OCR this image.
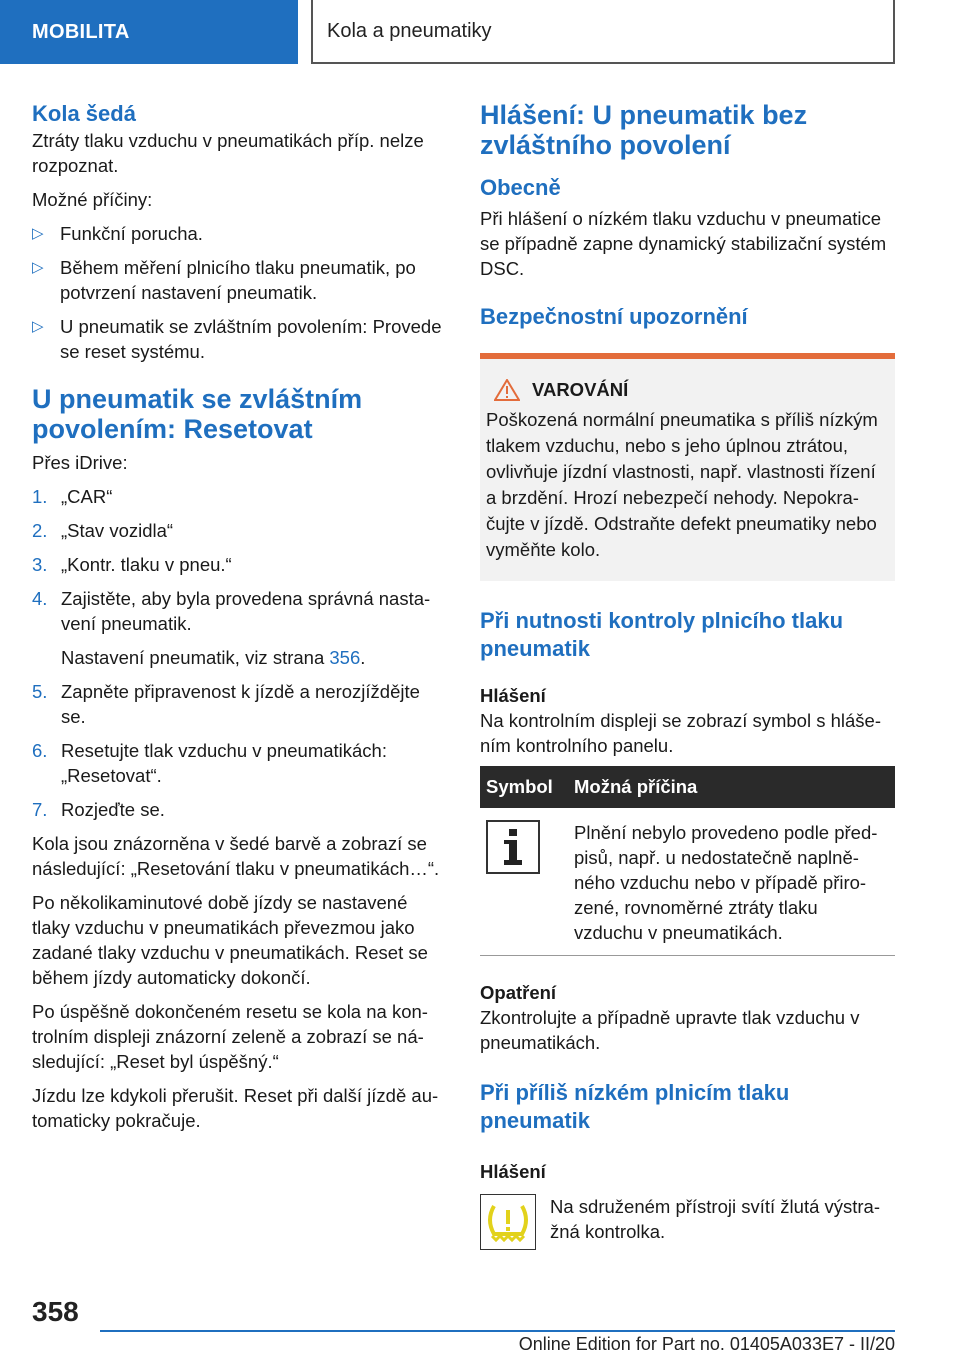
MOBILITA	Kola a pneumatiky
Kola šedá

Ztráty tlaku vzduchu v pneumatikách příp. nelze rozpoznat.

Možné příčiny:

▷ Funkční porucha.
▷ Během měření plnicího tlaku pneumatik, po potvrzení nastavení pneumatik.
▷ U pneumatik se zvláštním povolením: Provede se reset systému.
U pneumatik se zvláštním povolením: Resetovat

Přes iDrive:

1. „CAR“
2. „Stav vozidla“
3. „Kontr. tlaku v pneu.“
4. Zajistěte, aby byla provedena správná nastavení pneumatik.
Nastavení pneumatik, viz strana 356.
5. Zapněte připravenost k jízdě a nerozjíždějte se.
6. Resetujte tlak vzduchu v pneumatikách: „Resetovat“.
7. Rozjeďte se.

Kola jsou znázorněna v šedé barvě a zobrazí se následující: „Resetování tlaku v pneumatikách…“.

Po několikaminutové době jízdy se nastavené tlaky vzduchu v pneumatikách převezmou jako zadané tlaky vzduchu v pneumatikách. Reset se během jízdy automaticky dokončí.

Po úspěšně dokončeném resetu se kola na kontrolním displeji znázorní zeleně a zobrazí se následující: „Reset byl úspěšný.“

Jízdu lze kdykoli přerušit. Reset při další jízdě automaticky pokračuje.

Hlášení: U pneumatik bez zvláštního povolení
Obecně

Při hlášení o nízkém tlaku vzduchu v pneumatice se případně zapne dynamický stabilizační systém DSC.

Bezpečnostní upozornění
VAROVÁNÍ

Poškozená normální pneumatika s příliš nízkým tlakem vzduchu, nebo s jeho úplnou ztrátou, ovlivňuje jízdní vlastnosti, např. vlastnosti řízení a brzdění. Hrozí nebezpečí nehody. Nepokračujte v jízdě. Odstraňte defekt pneumatiky nebo vyměňte kolo.

Při nutnosti kontroly plnicího tlaku pneumatik
Hlášení

Na kontrolním displeji se zobrazí symbol s hlášením kontrolního panelu.

Symbol	Možná příčina

	Plnění nebylo provedeno podle předpisů, např. u nedostatečně naplněného vzduchu nebo v případě přirozené, rovnoměrné ztráty tlaku vzduchu v pneumatikách.
Opatření

Zkontrolujte a případně upravte tlak vzduchu v pneumatikách.

Při příliš nízkém plnicím tlaku pneumatik
Hlášení

Na sdruženém přístroji svítí žlutá výstražná kontrolka.

358
Online Edition for Part no. 01405A033E7 - II/20
